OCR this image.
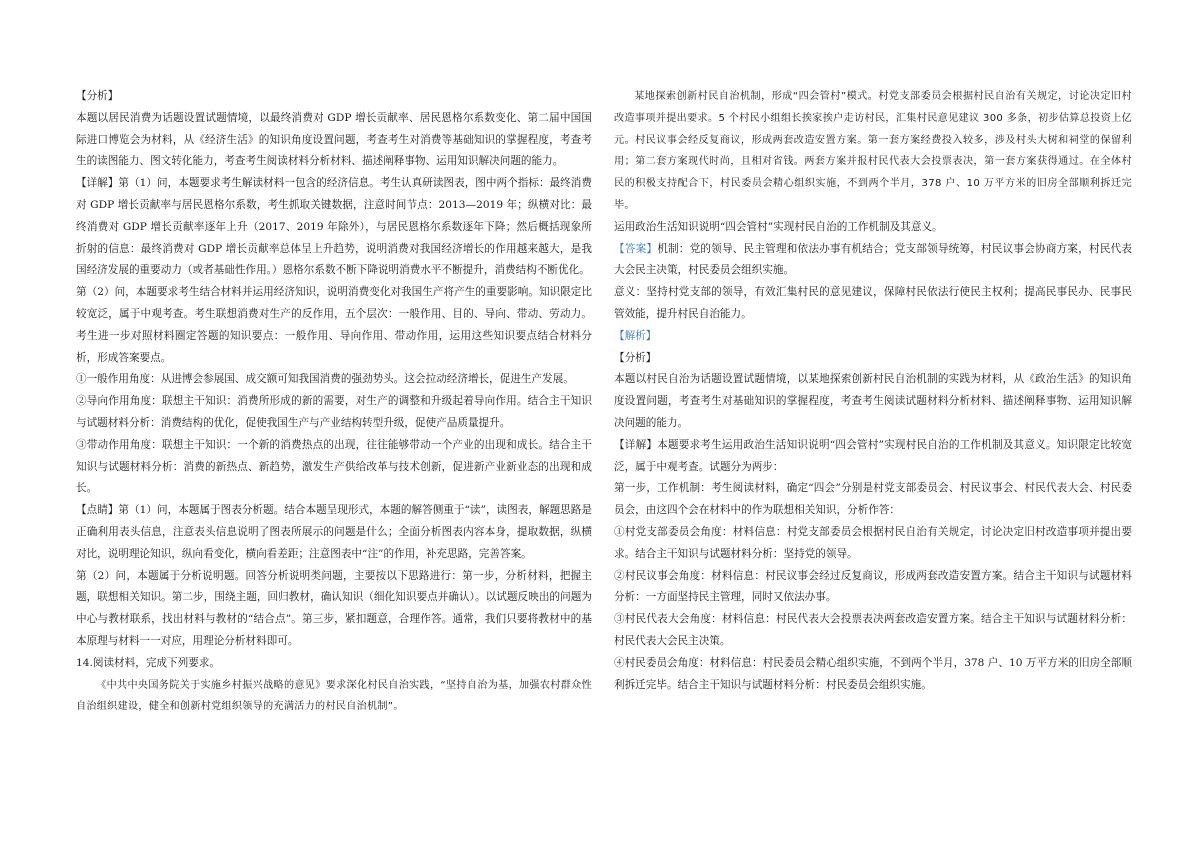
【分析】

本题以居民消费为话题设置试题情境，以最终消费对 GDP 增长贡献率、居民恩格尔系数变化、第二届中国国际进口博览会为材料，从《经济生活》的知识角度设置问题，考查考生对消费等基础知识的掌握程度，考查考生的读图能力、图文转化能力，考查考生阅读材料分析材料、描述阐释事物、运用知识解决问题的能力。

【详解】第（1）问，本题要求考生解读材料一包含的经济信息。考生认真研读图表，图中两个指标：最终消费对 GDP 增长贡献率与居民恩格尔系数，考生抓取关键数据，注意时间节点：2013—2019 年；纵横对比：最终消费对 GDP 增长贡献率逐年上升（2017、2019 年除外），与居民恩格尔系数逐年下降；然后概括现象所折射的信息：最终消费对 GDP 增长贡献率总体呈上升趋势，说明消费对我国经济增长的作用越来越大，是我国经济发展的重要动力（或者基础性作用。）恩格尔系数不断下降说明消费水平不断提升，消费结构不断优化。

第（2）问，本题要求考生结合材料并运用经济知识，说明消费变化对我国生产将产生的重要影响。知识限定比较宽泛，属于中观考查。考生联想消费对生产的反作用，五个层次：一般作用、目的、导向、带动、劳动力。考生进一步对照材料圈定答题的知识要点：一般作用、导向作用、带动作用，运用这些知识要点结合材料分析，形成答案要点。

①一般作用角度：从进博会参展国、成交额可知我国消费的强劲势头。这会拉动经济增长，促进生产发展。

②导向作用角度：联想主干知识：消费所形成的新的需要，对生产的调整和升级起着导向作用。结合主干知识与试题材料分析：消费结构的优化，促使我国生产与产业结构转型升级，促使产品质量提升。

③带动作用角度：联想主干知识：一个新的消费热点的出现，往往能够带动一个产业的出现和成长。结合主干知识与试题材料分析：消费的新热点、新趋势，激发生产供给改革与技术创新，促进新产业新业态的出现和成长。

【点睛】第（1）问，本题属于图表分析题。结合本题呈现形式，本题的解答侧重于“读”，读图表，解题思路是正确利用表头信息，注意表头信息说明了图表所展示的问题是什么；全面分析图表内容本身，提取数据，纵横对比，说明理论知识，纵向看变化，横向看差距；注意图表中“注”的作用，补充思路，完善答案。

第（2）问，本题属于分析说明题。回答分析说明类问题，主要按以下思路进行：第一步，分析材料，把握主题，联想相关知识。第二步，围绕主题，回归教材，确认知识（细化知识要点并确认）。以试题反映出的问题为中心与教材联系，找出材料与教材的“结合点”。第三步，紧扣题意，合理作答。通常，我们只要将教材中的基本原理与材料一一对应，用理论分析材料即可。

14.阅读材料，完成下列要求。

《中共中央国务院关于实施乡村振兴战略的意见》要求深化村民自治实践，“坚持自治为基，加强农村群众性自治组织建设，健全和创新村党组织领导的充满活力的村民自治机制”。

某地探索创新村民自治机制，形成“四会管村”模式。村党支部委员会根据村民自治有关规定，讨论决定旧村改造事项并提出要求。5 个村民小组组长挨家挨户走访村民，汇集村民意见建议 300 多条，初步估算总投资上亿元。村民议事会经反复商议，形成两套改造安置方案。第一套方案经费投入较多，涉及村头大树和祠堂的保留利用；第二套方案现代时尚，且相对省钱。两套方案并报村民代表大会投票表决，第一套方案获得通过。在全体村民的积极支持配合下，村民委员会精心组织实施，不到两个半月，378 户、10 万平方米的旧房全部顺利拆迁完毕。

运用政治生活知识说明“四会管村”实现村民自治的工作机制及其意义。

【答案】机制：党的领导、民主管理和依法办事有机结合；党支部领导统筹，村民议事会协商方案，村民代表大会民主决策，村民委员会组织实施。

意义：坚持村党支部的领导，有效汇集村民的意见建议，保障村民依法行使民主权利；提高民事民办、民事民管效能，提升村民自治能力。

【解析】

【分析】

本题以村民自治为话题设置试题情境，以某地探索创新村民自治机制的实践为材料，从《政治生活》的知识角度设置问题，考查考生对基础知识的掌握程度，考查考生阅读试题材料分析材料、描述阐释事物、运用知识解决问题的能力。

【详解】本题要求考生运用政治生活知识说明“四会管村”实现村民自治的工作机制及其意义。知识限定比较宽泛，属于中观考查。试题分为两步：

第一步，工作机制：考生阅读材料，确定“四会”分别是村党支部委员会、村民议事会、村民代表大会、村民委员会，由这四个会在材料中的作为联想相关知识，分析作答：

①村党支部委员会角度：材料信息：村党支部委员会根据村民自治有关规定，讨论决定旧村改造事项并提出要求。结合主干知识与试题材料分析：坚持党的领导。

②村民议事会角度：材料信息：村民议事会经过反复商议，形成两套改造安置方案。结合主干知识与试题材料分析：一方面坚持民主管理，同时又依法办事。

③村民代表大会角度：材料信息：村民代表大会投票表决两套改造安置方案。结合主干知识与试题材料分析：村民代表大会民主决策。

④村民委员会角度：材料信息：村民委员会精心组织实施，不到两个半月，378 户、10 万平方米的旧房全部顺利拆迁完毕。结合主干知识与试题材料分析：村民委员会组织实施。
